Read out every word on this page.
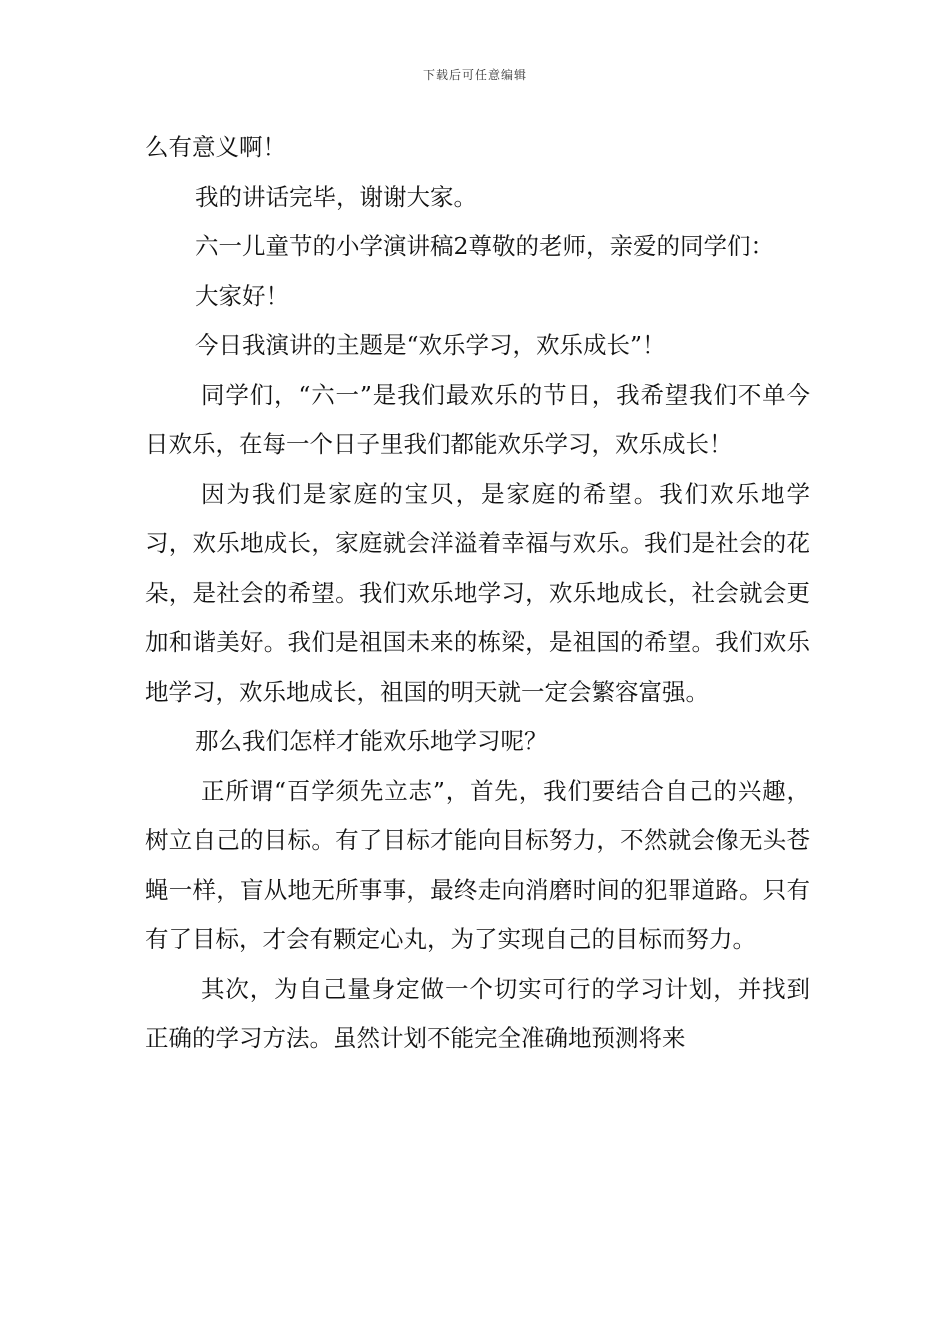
下载后可任意编辑

么有意义啊！

我的讲话完毕，谢谢大家。

六一儿童节的小学演讲稿2尊敬的老师，亲爱的同学们：

大家好！

今日我演讲的主题是“欢乐学习，欢乐成长”！

同学们，“六一”是我们最欢乐的节日，我希望我们不单今日欢乐，在每一个日子里我们都能欢乐学习，欢乐成长！

因为我们是家庭的宝贝，是家庭的希望。我们欢乐地学习，欢乐地成长，家庭就会洋溢着幸福与欢乐。我们是社会的花朵，是社会的希望。我们欢乐地学习，欢乐地成长，社会就会更加和谐美好。我们是祖国未来的栋梁，是祖国的希望。我们欢乐地学习，欢乐地成长，祖国的明天就一定会繁容富强。

那么我们怎样才能欢乐地学习呢？

正所谓“百学须先立志”，首先，我们要结合自己的兴趣，树立自己的目标。有了目标才能向目标努力，不然就会像无头苍蝇一样，盲从地无所事事，最终走向消磨时间的犯罪道路。只有有了目标，才会有颗定心丸，为了实现自己的目标而努力。

其次，为自己量身定做一个切实可行的学习计划，并找到正确的学习方法。虽然计划不能完全准确地预测将来
